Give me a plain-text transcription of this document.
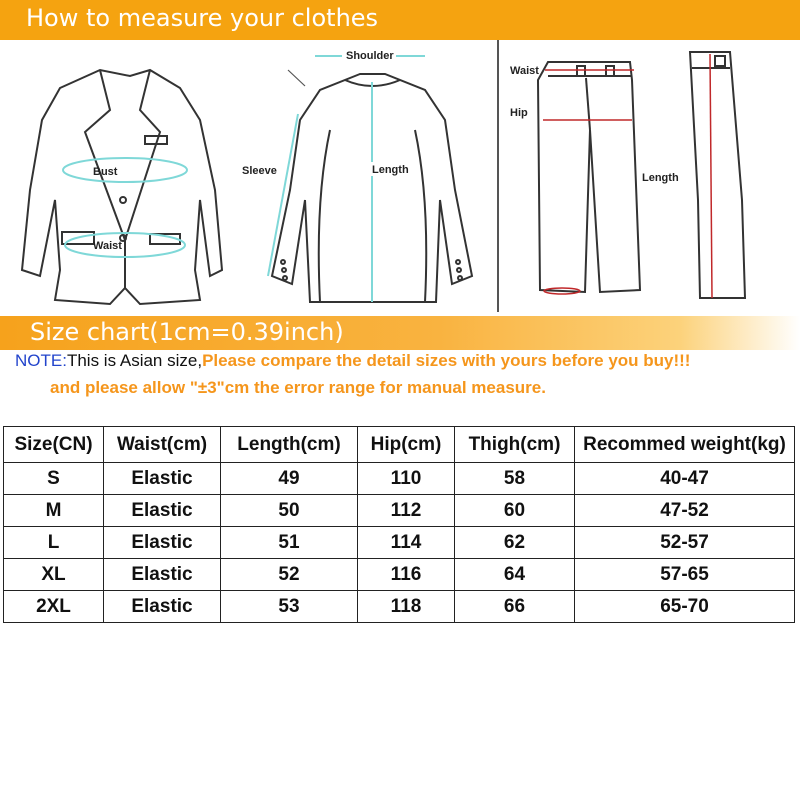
How to measure your clothes
Bust
Waist
Shoulder
Sleeve	Length
Waist
Hip
Length
Size chart(1cm=0.39inch)
NOTE:This is Asian size,Please compare the detail sizes with yours before you buy!!!
and please allow "±3"cm the error range for manual measure.
Size(CN)	Waist(cm)	Length(cm)	Hip(cm)	Thigh(cm)	Recommed weight(kg)
S	Elastic	49	110	58	40-47
M	Elastic	50	112	60	47-52
L	Elastic	51	114	62	52-57
XL	Elastic	52	116	64	57-65
2XL	Elastic	53	118	66	65-70
